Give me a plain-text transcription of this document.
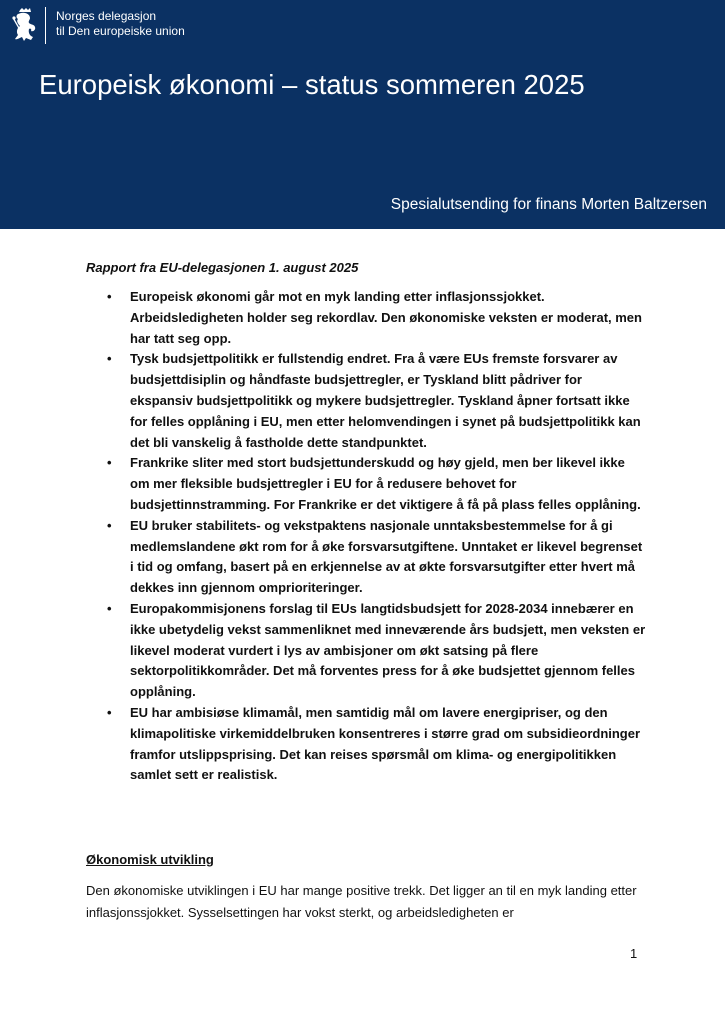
Norges delegasjon
til Den europeiske union
Europeisk økonomi – status sommeren 2025
Spesialutsending for finans Morten Baltzersen

Rapport fra EU-delegasjonen 1. august 2025

• Europeisk økonomi går mot en myk landing etter inflasjonssjokket. Arbeidsledigheten holder seg rekordlav. Den økonomiske veksten er moderat, men har tatt seg opp.
• Tysk budsjettpolitikk er fullstendig endret. Fra å være EUs fremste forsvarer av budsjettdisiplin og håndfaste budsjettregler, er Tyskland blitt pådriver for ekspansiv budsjettpolitikk og mykere budsjettregler. Tyskland åpner fortsatt ikke for felles opplåning i EU, men etter helomvendingen i synet på budsjettpolitikk kan det bli vanskelig å fastholde dette standpunktet.
• Frankrike sliter med stort budsjettunderskudd og høy gjeld, men ber likevel ikke om mer fleksible budsjettregler i EU for å redusere behovet for budsjettinnstramming. For Frankrike er det viktigere å få på plass felles opplåning.
• EU bruker stabilitets- og vekstpaktens nasjonale unntaksbestemmelse for å gi medlemslandene økt rom for å øke forsvarsutgiftene. Unntaket er likevel begrenset i tid og omfang, basert på en erkjennelse av at økte forsvarsutgifter etter hvert må dekkes inn gjennom omprioriteringer.
• Europakommisjonens forslag til EUs langtidsbudsjett for 2028-2034 innebærer en ikke ubetydelig vekst sammenliknet med inneværende års budsjett, men veksten er likevel moderat vurdert i lys av ambisjoner om økt satsing på flere sektorpolitikkområder. Det må forventes press for å øke budsjettet gjennom felles opplåning.
• EU har ambisiøse klimamål, men samtidig mål om lavere energipriser, og den klimapolitiske virkemiddelbruken konsentreres i større grad om subsidieordninger framfor utslippsprising. Det kan reises spørsmål om klima- og energipolitikken samlet sett er realistisk.

Økonomisk utvikling

Den økonomiske utviklingen i EU har mange positive trekk. Det ligger an til en myk landing etter inflasjonssjokket. Sysselsettingen har vokst sterkt, og arbeidsledigheten er

1
